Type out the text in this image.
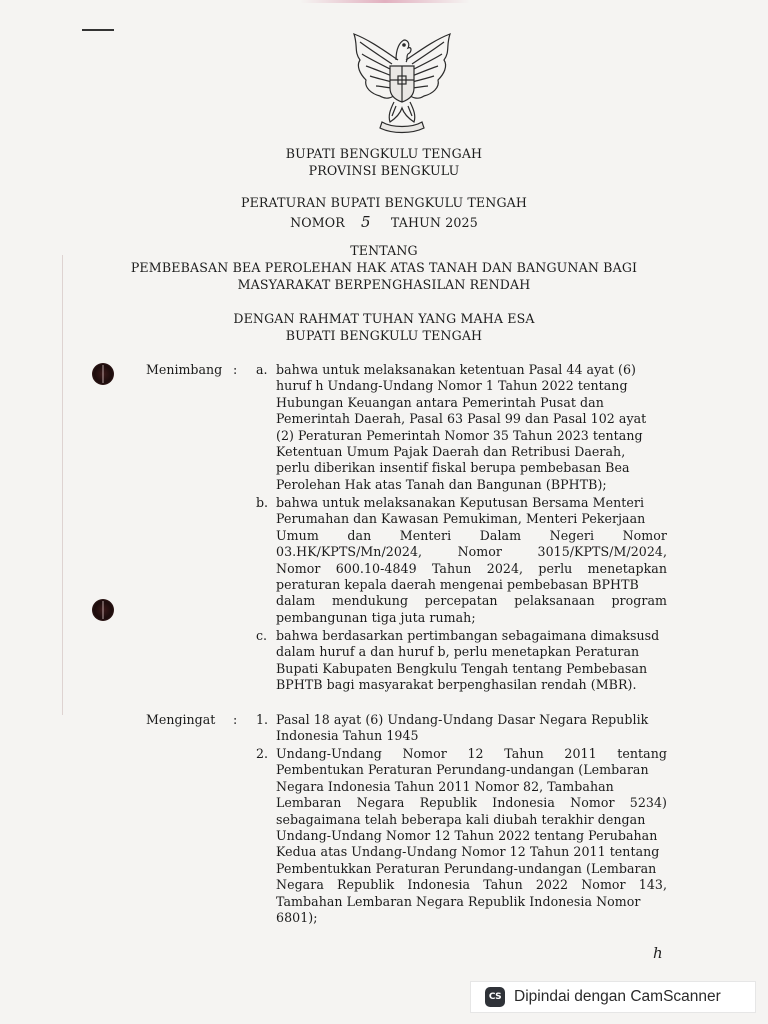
BUPATI BENGKULU TENGAH
PROVINSI BENGKULU
PERATURAN BUPATI BENGKULU TENGAH
NOMOR 5 TAHUN 2025
TENTANG
PEMBEBASAN BEA PEROLEHAN HAK ATAS TANAH DAN BANGUNAN BAGI
MASYARAKAT BERPENGHASILAN RENDAH
DENGAN RAHMAT TUHAN YANG MAHA ESA
BUPATI BENGKULU TENGAH
Menimbang : a. bahwa untuk melaksanakan ketentuan Pasal 44 ayat (6)
huruf h Undang-Undang Nomor 1 Tahun 2022 tentang
Hubungan Keuangan antara Pemerintah Pusat dan
Pemerintah Daerah, Pasal 63 Pasal 99 dan Pasal 102 ayat
(2) Peraturan Pemerintah Nomor 35 Tahun 2023 tentang
Ketentuan Umum Pajak Daerah dan Retribusi Daerah,
perlu diberikan insentif fiskal berupa pembebasan Bea
Perolehan Hak atas Tanah dan Bangunan (BPHTB);
b. bahwa untuk melaksanakan Keputusan Bersama Menteri
Perumahan dan Kawasan Pemukiman, Menteri Pekerjaan
Umum dan Menteri Dalam Negeri Nomor
03.HK/KPTS/Mn/2024, Nomor 3015/KPTS/M/2024,
Nomor 600.10-4849 Tahun 2024, perlu menetapkan
peraturan kepala daerah mengenai pembebasan BPHTB
dalam mendukung percepatan pelaksanaan program
pembangunan tiga juta rumah;
c. bahwa berdasarkan pertimbangan sebagaimana dimaksusd
dalam huruf a dan huruf b, perlu menetapkan Peraturan
Bupati Kabupaten Bengkulu Tengah tentang Pembebasan
BPHTB bagi masyarakat berpenghasilan rendah (MBR).
Mengingat : 1. Pasal 18 ayat (6) Undang-Undang Dasar Negara Republik
Indonesia Tahun 1945
2. Undang-Undang Nomor 12 Tahun 2011 tentang
Pembentukan Peraturan Perundang-undangan (Lembaran
Negara Indonesia Tahun 2011 Nomor 82, Tambahan
Lembaran Negara Republik Indonesia Nomor 5234)
sebagaimana telah beberapa kali diubah terakhir dengan
Undang-Undang Nomor 12 Tahun 2022 tentang Perubahan
Kedua atas Undang-Undang Nomor 12 Tahun 2011 tentang
Pembentukkan Peraturan Perundang-undangan (Lembaran
Negara Republik Indonesia Tahun 2022 Nomor 143,
Tambahan Lembaran Negara Republik Indonesia Nomor
6801);
h
CS Dipindai dengan CamScanner
